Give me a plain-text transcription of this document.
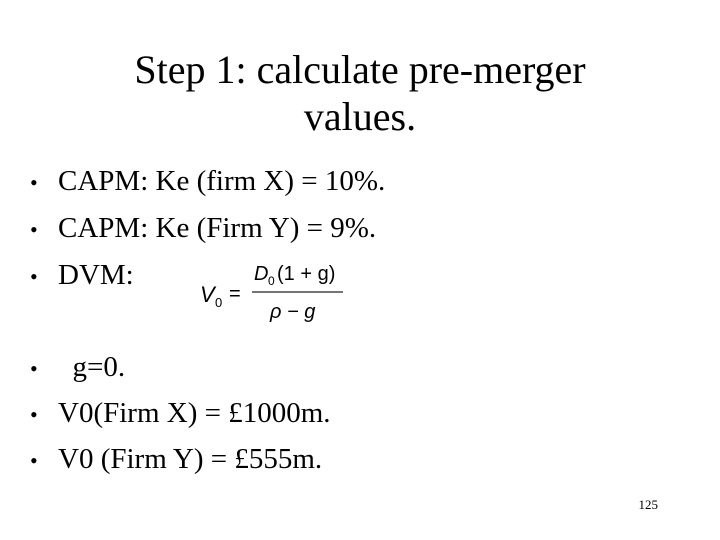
Step 1: calculate pre-merger
values.
• CAPM: Ke (firm X) = 10%.
• CAPM: Ke (Firm Y) = 9%.
• DVM:
• g=0.
• V0(Firm X) = £1000m.
• V0 (Firm Y) = £555m.
V 0 =
D 0 (1 + g)
ρ − g
125
